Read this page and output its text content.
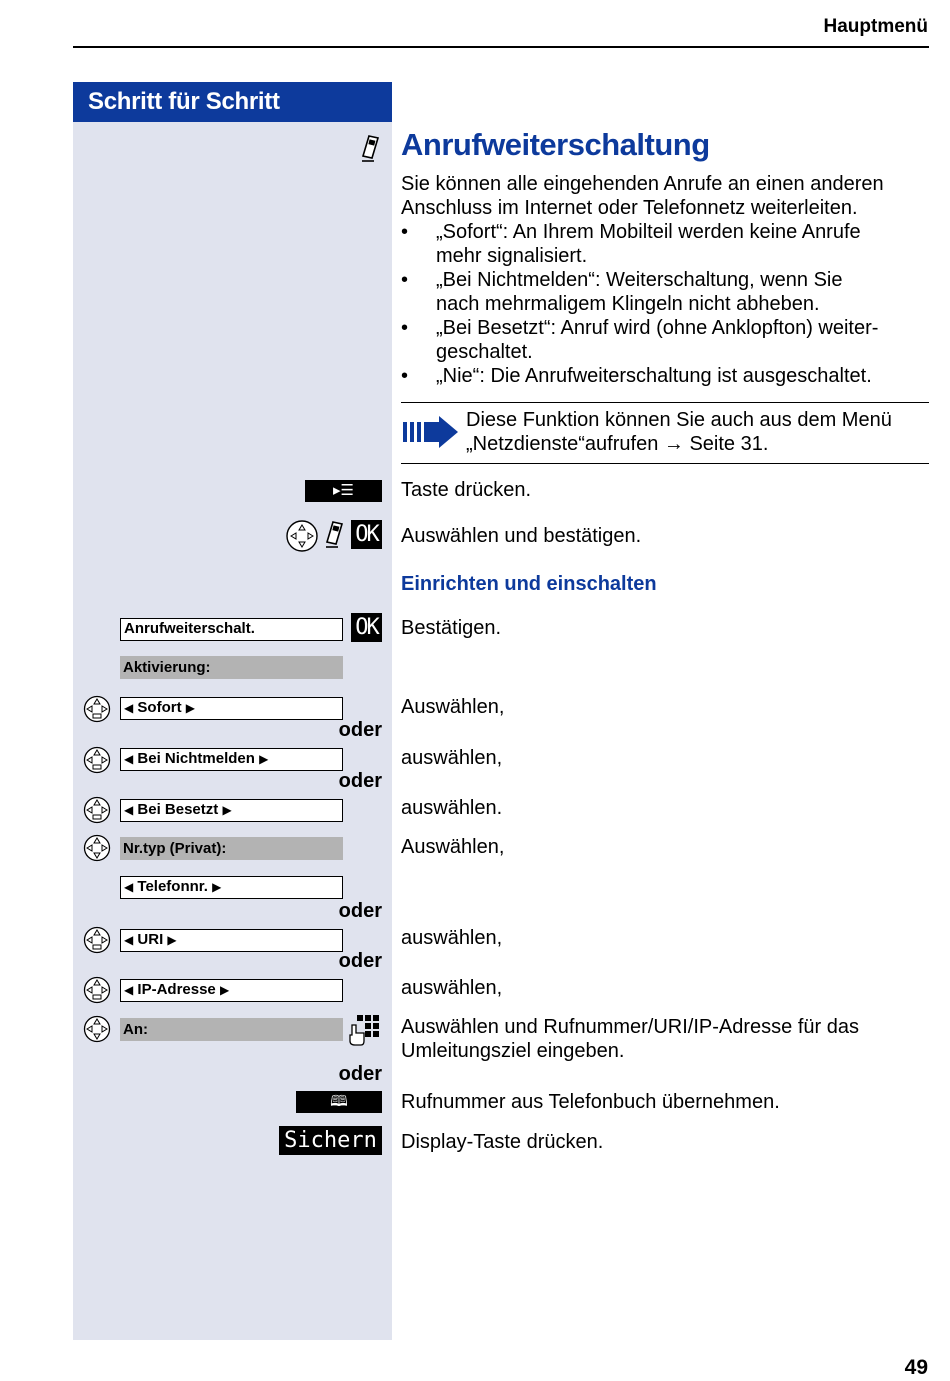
Hauptmenü
Schritt für Schritt
Anrufweiterschaltung
Sie können alle eingehenden Anrufe an einen anderen
Anschluss im Internet oder Telefonnetz weiterleiten.
• „Sofort“: An Ihrem Mobilteil werden keine Anrufe
mehr signalisiert.
• „Bei Nichtmelden“: Weiterschaltung, wenn Sie
nach mehrmaligem Klingeln nicht abheben.
• „Bei Besetzt“: Anruf wird (ohne Anklopfton) weiter-
geschaltet.
• „Nie“: Die Anrufweiterschaltung ist ausgeschaltet.
Diese Funktion können Sie auch aus dem Menü
„Netzdienste“aufrufen → Seite 31.
▸☰	Taste drücken.
OK Auswählen und bestätigen.
Einrichten und einschalten
Anrufweiterschalt.	OK Bestätigen.
Aktivierung:
◀ Sofort ▶	Auswählen,
oder
◀ Bei Nichtmelden ▶	auswählen,
oder
◀ Bei Besetzt ▶	auswählen.
Nr.typ (Privat):	Auswählen,
◀ Telefonnr. ▶
oder
◀ URI ▶	auswählen,
oder
◀ IP-Adresse ▶	auswählen,
An:	Auswählen und Rufnummer/URI/IP-Adresse für das
Umleitungsziel eingeben.
oder
🕮	Rufnummer aus Telefonbuch übernehmen.
Sichern Display-Taste drücken.
49
